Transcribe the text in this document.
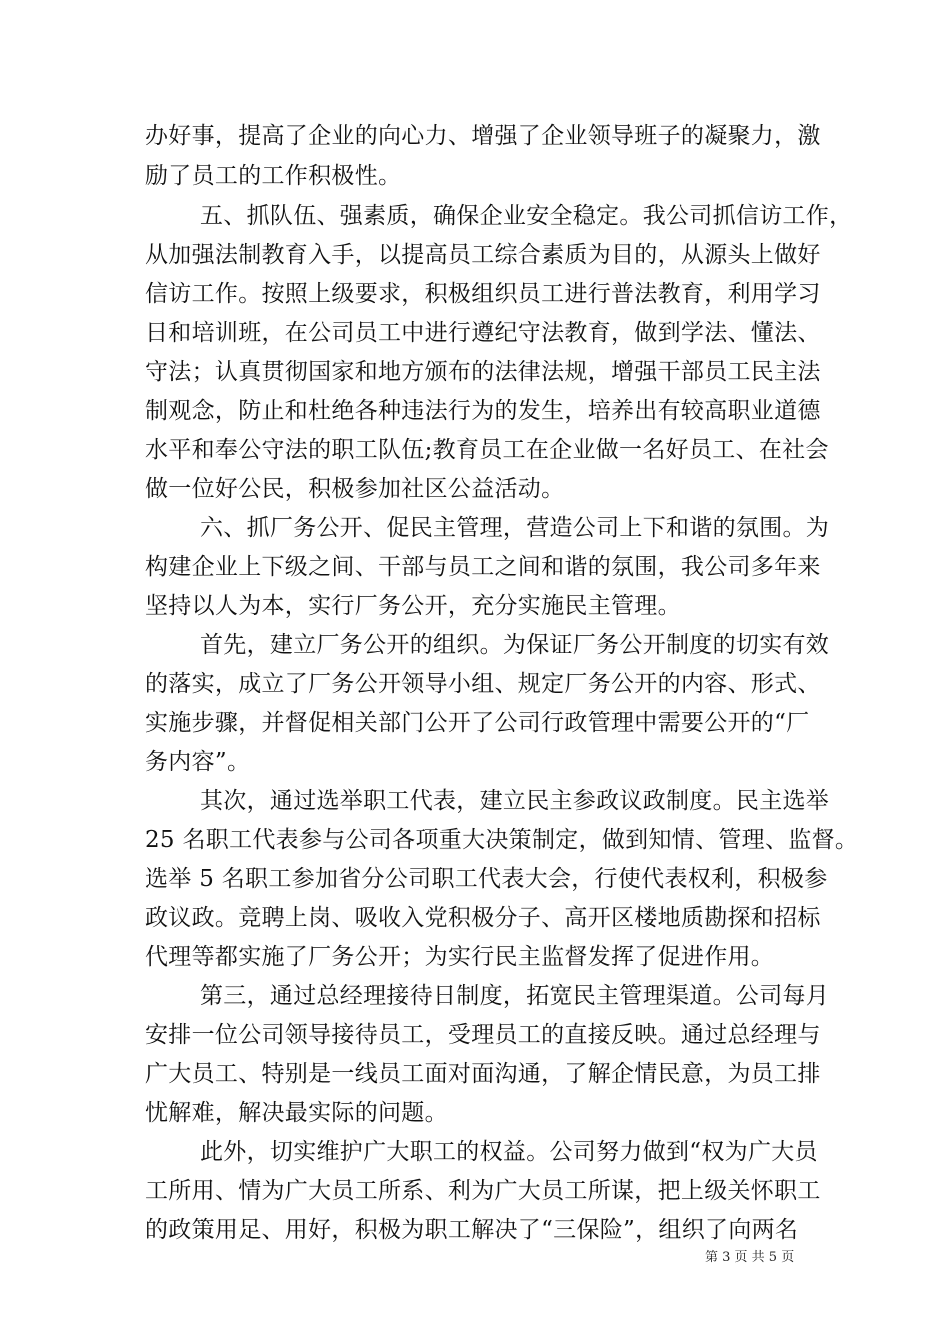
办好事，提高了企业的向心力、增强了企业领导班子的凝聚力，激
励了员工的工作积极性。
五、抓队伍、强素质，确保企业安全稳定。我公司抓信访工作，
从加强法制教育入手，以提高员工综合素质为目的，从源头上做好
信访工作。按照上级要求，积极组织员工进行普法教育，利用学习
日和培训班，在公司员工中进行遵纪守法教育，做到学法、懂法、
守法；认真贯彻国家和地方颁布的法律法规，增强干部员工民主法
制观念，防止和杜绝各种违法行为的发生，培养出有较高职业道德
水平和奉公守法的职工队伍;教育员工在企业做一名好员工、在社会
做一位好公民，积极参加社区公益活动。
六、抓厂务公开、促民主管理，营造公司上下和谐的氛围。为
构建企业上下级之间、干部与员工之间和谐的氛围，我公司多年来
坚持以人为本，实行厂务公开，充分实施民主管理。
首先，建立厂务公开的组织。为保证厂务公开制度的切实有效
的落实，成立了厂务公开领导小组、规定厂务公开的内容、形式、
实施步骤，并督促相关部门公开了公司行政管理中需要公开的“厂
务内容”。
其次，通过选举职工代表，建立民主参政议政制度。民主选举
25 名职工代表参与公司各项重大决策制定，做到知情、管理、监督。
选举 5 名职工参加省分公司职工代表大会，行使代表权利，积极参
政议政。竞聘上岗、吸收入党积极分子、高开区楼地质勘探和招标
代理等都实施了厂务公开；为实行民主监督发挥了促进作用。
第三，通过总经理接待日制度，拓宽民主管理渠道。公司每月
安排一位公司领导接待员工，受理员工的直接反映。通过总经理与
广大员工、特别是一线员工面对面沟通，了解企情民意，为员工排
忧解难，解决最实际的问题。
此外，切实维护广大职工的权益。公司努力做到“权为广大员
工所用、情为广大员工所系、利为广大员工所谋，把上级关怀职工
的政策用足、用好，积极为职工解决了“三保险”，组织了向两名
第 3 页 共 5 页
